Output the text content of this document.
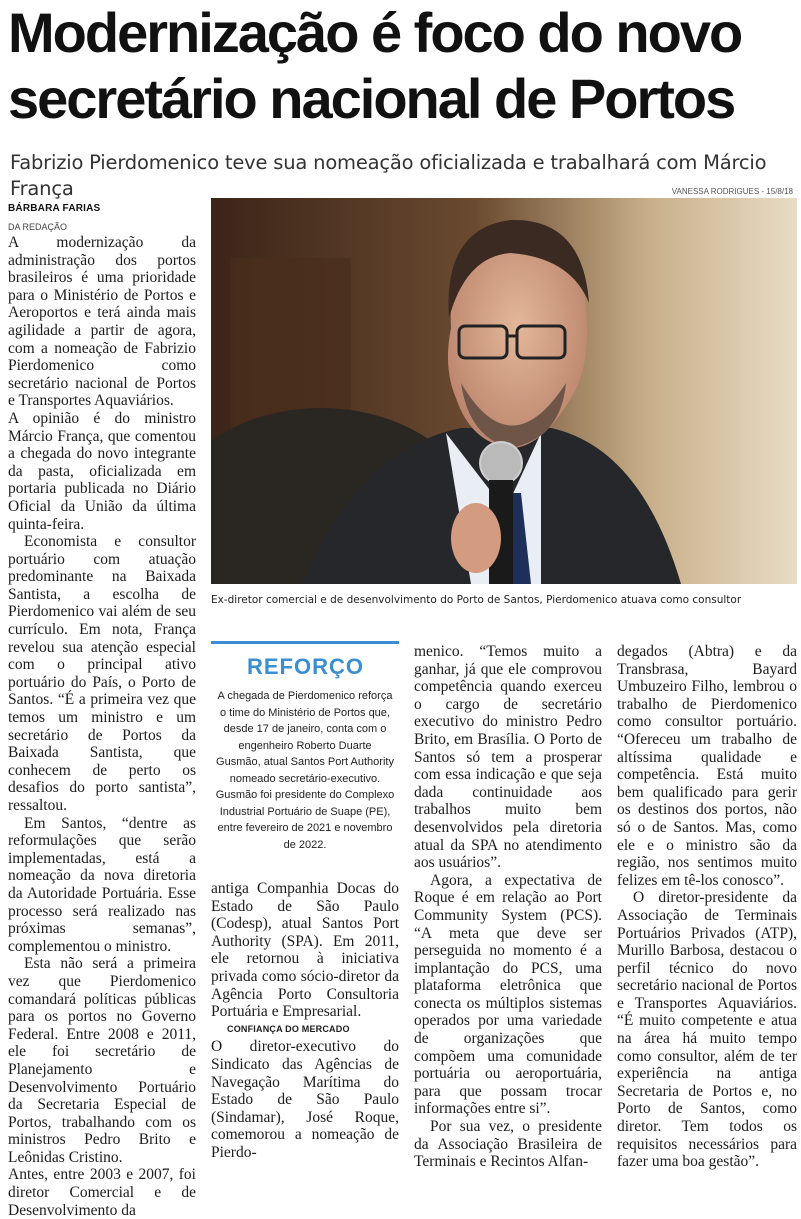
Modernização é foco do novo secretário nacional de Portos

Fabrizio Pierdomenico teve sua nomeação oficializada e trabalhará com Márcio França

BÁRBARA FARIAS
DA REDAÇÃO
VANESSA RODRIGUES - 15/8/18

A modernização da administração dos portos brasileiros é uma prioridade para o Ministério de Portos e Aeroportos e terá ainda mais agilidade a partir de agora, com a nomeação de Fabrizio Pierdomenico como secretário nacional de Portos e Transportes Aquaviários.

A opinião é do ministro Márcio França, que comentou a chegada do novo integrante da pasta, oficializada em portaria publicada no Diário Oficial da União da última quinta-feira.

Economista e consultor portuário com atuação predominante na Baixada Santista, a escolha de Pierdomenico vai além de seu currículo. Em nota, França revelou sua atenção especial com o principal ativo portuário do País, o Porto de Santos. “É a primeira vez que temos um ministro e um secretário de Portos da Baixada Santista, que conhecem de perto os desafios do porto santista”, ressaltou.

Em Santos, “dentre as reformulações que serão implementadas, está a nomeação da nova diretoria da Autoridade Portuária. Esse processo será realizado nas próximas semanas”, complementou o ministro.

Esta não será a primeira vez que Pierdomenico comandará políticas públicas para os portos no Governo Federal. Entre 2008 e 2011, ele foi secretário de Planejamento e Desenvolvimento Portuário da Secretaria Especial de Portos, trabalhando com os ministros Pedro Brito e Leônidas Cristino.

Antes, entre 2003 e 2007, foi diretor Comercial e de Desenvolvimento da

Ex-diretor comercial e de desenvolvimento do Porto de Santos, Pierdomenico atuava como consultor
REFORÇO
A chegada de Pierdomenico reforça o time do Ministério de Portos que, desde 17 de janeiro, conta com o engenheiro Roberto Duarte Gusmão, atual Santos Port Authority nomeado secretário-executivo. Gusmão foi presidente do Complexo Industrial Portuário de Suape (PE), entre fevereiro de 2021 e novembro de 2022.

antiga Companhia Docas do Estado de São Paulo (Codesp), atual Santos Port Authority (SPA). Em 2011, ele retornou à iniciativa privada como sócio-diretor da Agência Porto Consultoria Portuária e Empresarial.

CONFIANÇA DO MERCADO

O diretor-executivo do Sindicato das Agências de Navegação Marítima do Estado de São Paulo (Sindamar), José Roque, comemorou a nomeação de Pierdo-

menico. “Temos muito a ganhar, já que ele comprovou competência quando exerceu o cargo de secretário executivo do ministro Pedro Brito, em Brasília. O Porto de Santos só tem a prosperar com essa indicação e que seja dada continuidade aos trabalhos muito bem desenvolvidos pela diretoria atual da SPA no atendimento aos usuários”.

Agora, a expectativa de Roque é em relação ao Port Community System (PCS). “A meta que deve ser perseguida no momento é a implantação do PCS, uma plataforma eletrônica que conecta os múltiplos sistemas operados por uma variedade de organizações que compõem uma comunidade portuária ou aeroportuária, para que possam trocar informações entre si”.

Por sua vez, o presidente da Associação Brasileira de Terminais e Recintos Alfan-

degados (Abtra) e da Transbrasa, Bayard Umbuzeiro Filho, lembrou o trabalho de Pierdomenico como consultor portuário. “Ofereceu um trabalho de altíssima qualidade e competência. Está muito bem qualificado para gerir os destinos dos portos, não só o de Santos. Mas, como ele e o ministro são da região, nos sentimos muito felizes em tê-los conosco”.

O diretor-presidente da Associação de Terminais Portuários Privados (ATP), Murillo Barbosa, destacou o perfil técnico do novo secretário nacional de Portos e Transportes Aquaviários. “É muito competente e atua na área há muito tempo como consultor, além de ter experiência na antiga Secretaria de Portos e, no Porto de Santos, como diretor. Tem todos os requisitos necessários para fazer uma boa gestão”.
